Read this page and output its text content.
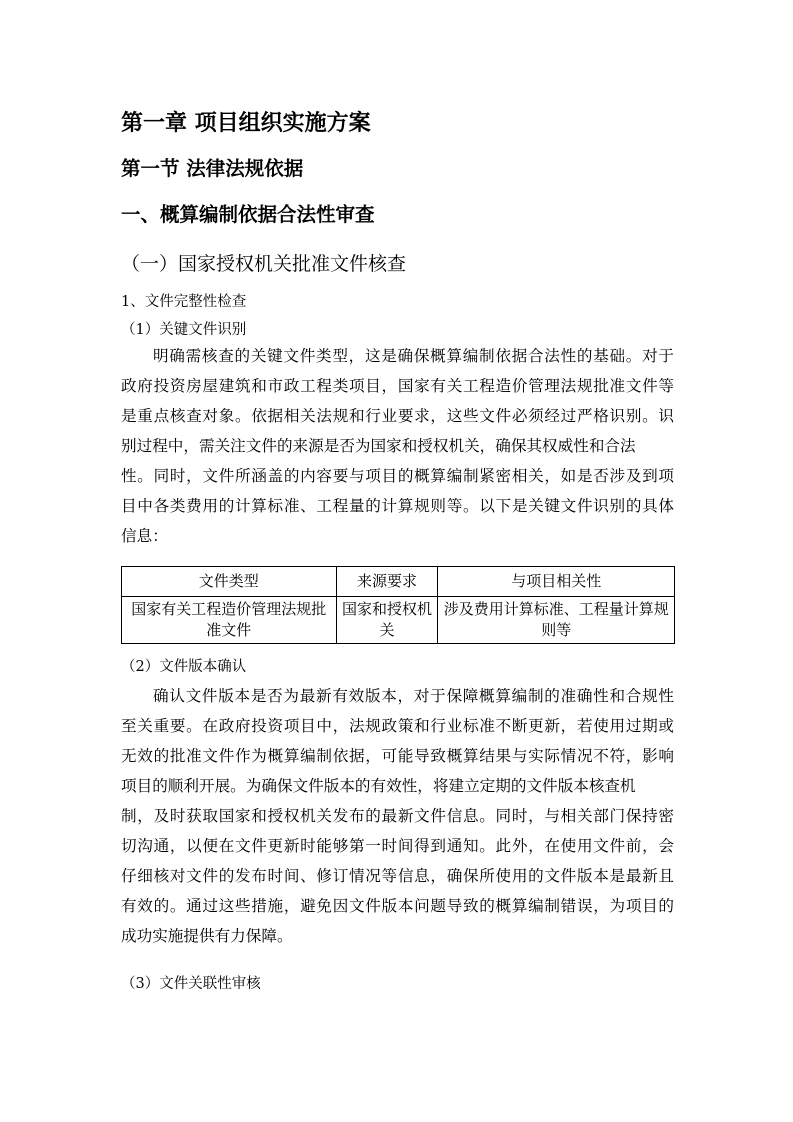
第一章 项目组织实施方案
第一节 法律法规依据
一、概算编制依据合法性审查
（一）国家授权机关批准文件核查
1、文件完整性检查
（1）关键文件识别
明确需核查的关键文件类型，这是确保概算编制依据合法性的基础。对于
政府投资房屋建筑和市政工程类项目，国家有关工程造价管理法规批准文件等
是重点核查对象。依据相关法规和行业要求，这些文件必须经过严格识别。识
别过程中，需关注文件的来源是否为国家和授权机关，确保其权威性和合法
性。同时，文件所涵盖的内容要与项目的概算编制紧密相关，如是否涉及到项
目中各类费用的计算标准、工程量的计算规则等。以下是关键文件识别的具体
信息：
文件类型	来源要求	与项目相关性
国家有关工程造价管理法规批准文件	国家和授权机关	涉及费用计算标准、工程量计算规则等
（2）文件版本确认
确认文件版本是否为最新有效版本，对于保障概算编制的准确性和合规性
至关重要。在政府投资项目中，法规政策和行业标准不断更新，若使用过期或
无效的批准文件作为概算编制依据，可能导致概算结果与实际情况不符，影响
项目的顺利开展。为确保文件版本的有效性，将建立定期的文件版本核查机
制，及时获取国家和授权机关发布的最新文件信息。同时，与相关部门保持密
切沟通，以便在文件更新时能够第一时间得到通知。此外，在使用文件前，会
仔细核对文件的发布时间、修订情况等信息，确保所使用的文件版本是最新且
有效的。通过这些措施，避免因文件版本问题导致的概算编制错误，为项目的
成功实施提供有力保障。
（3）文件关联性审核
